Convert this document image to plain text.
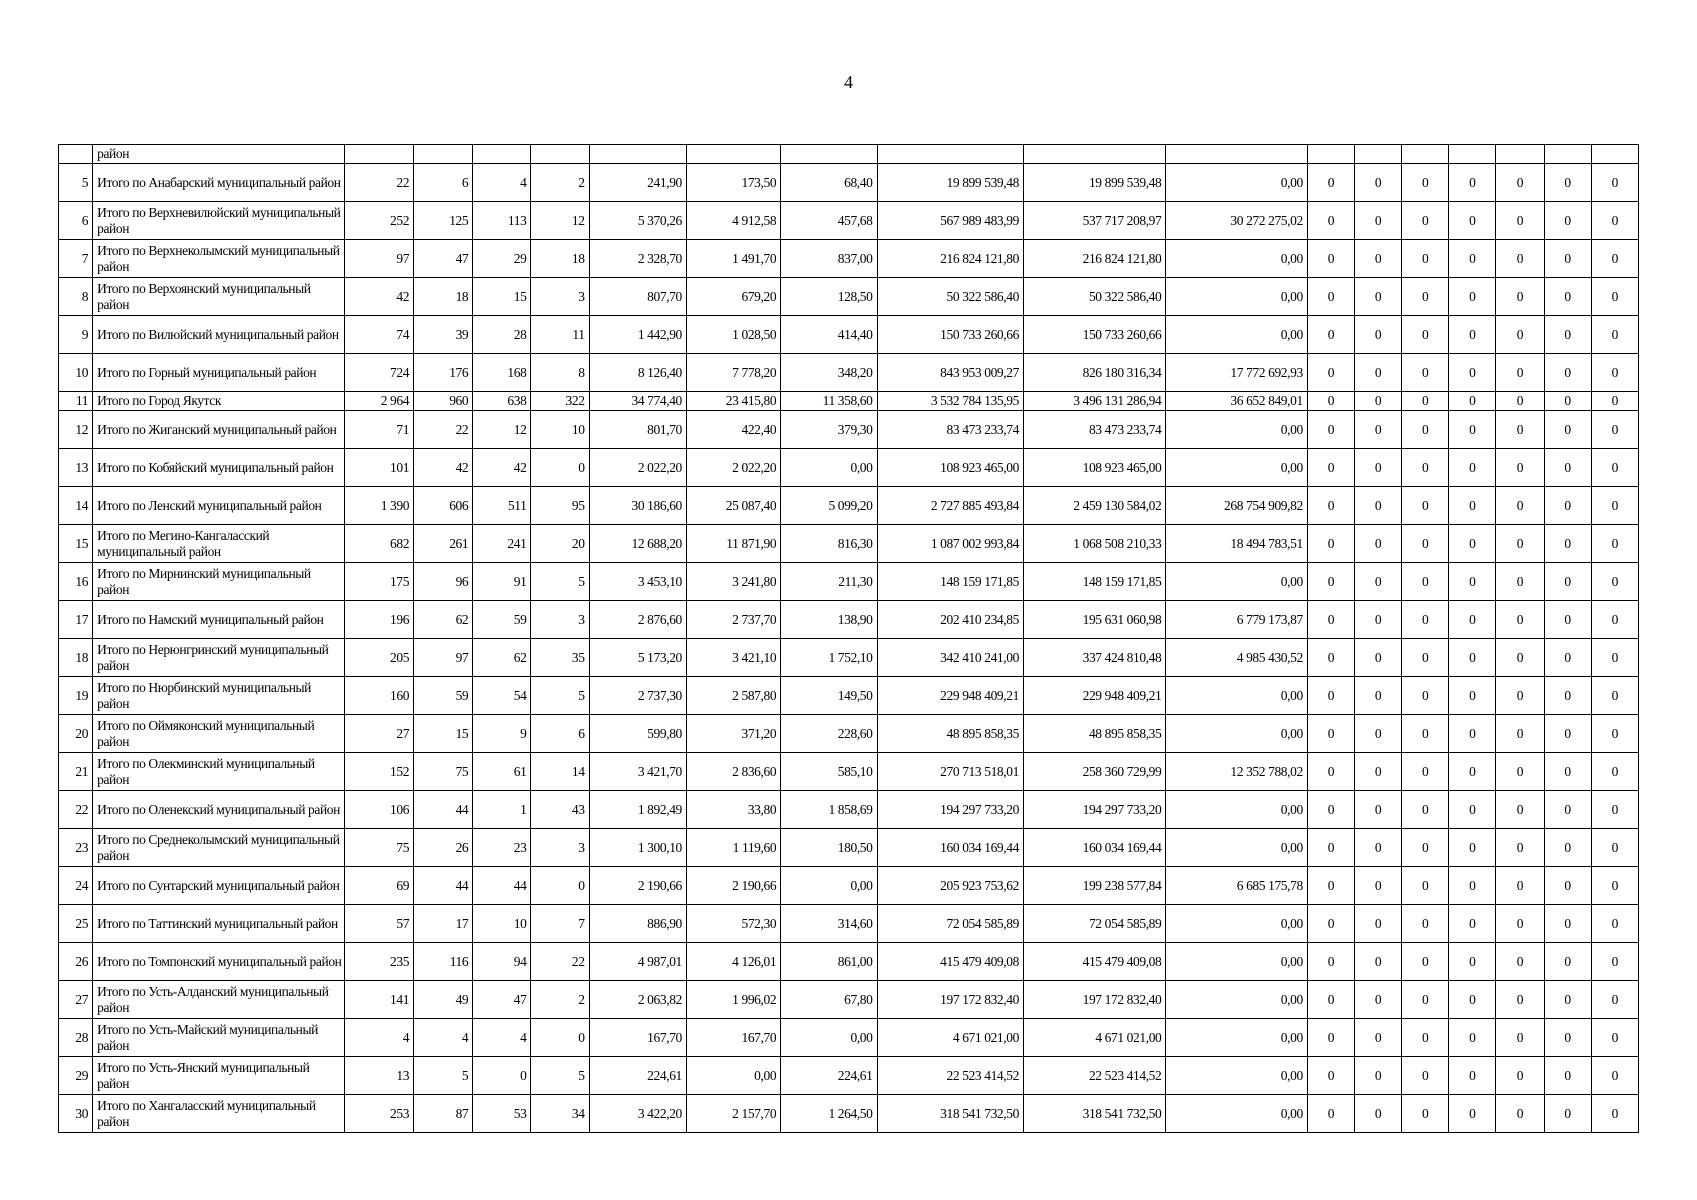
4
	район																	
5	Итого по Анабарский муниципальный район	22	6	4	2	241,90	173,50	68,40	19 899 539,48	19 899 539,48	0,00	0	0	0	0	0	0	0
6	Итого по Верхневилюйский муниципальный район	252	125	113	12	5 370,26	4 912,58	457,68	567 989 483,99	537 717 208,97	30 272 275,02	0	0	0	0	0	0	0
7	Итого по Верхнеколымский муниципальный район	97	47	29	18	2 328,70	1 491,70	837,00	216 824 121,80	216 824 121,80	0,00	0	0	0	0	0	0	0
8	Итого по Верхоянский муниципальный район	42	18	15	3	807,70	679,20	128,50	50 322 586,40	50 322 586,40	0,00	0	0	0	0	0	0	0
9	Итого по Вилюйский муниципальный район	74	39	28	11	1 442,90	1 028,50	414,40	150 733 260,66	150 733 260,66	0,00	0	0	0	0	0	0	0
10	Итого по Горный муниципальный район	724	176	168	8	8 126,40	7 778,20	348,20	843 953 009,27	826 180 316,34	17 772 692,93	0	0	0	0	0	0	0
11	Итого по Город Якутск	2 964	960	638	322	34 774,40	23 415,80	11 358,60	3 532 784 135,95	3 496 131 286,94	36 652 849,01	0	0	0	0	0	0	0
12	Итого по Жиганский муниципальный район	71	22	12	10	801,70	422,40	379,30	83 473 233,74	83 473 233,74	0,00	0	0	0	0	0	0	0
13	Итого по Кобяйский муниципальный район	101	42	42	0	2 022,20	2 022,20	0,00	108 923 465,00	108 923 465,00	0,00	0	0	0	0	0	0	0
14	Итого по Ленский муниципальный район	1 390	606	511	95	30 186,60	25 087,40	5 099,20	2 727 885 493,84	2 459 130 584,02	268 754 909,82	0	0	0	0	0	0	0
15	Итого по Мегино-Кангаласский муниципальный район	682	261	241	20	12 688,20	11 871,90	816,30	1 087 002 993,84	1 068 508 210,33	18 494 783,51	0	0	0	0	0	0	0
16	Итого по Мирнинский муниципальный район	175	96	91	5	3 453,10	3 241,80	211,30	148 159 171,85	148 159 171,85	0,00	0	0	0	0	0	0	0
17	Итого по Намский муниципальный район	196	62	59	3	2 876,60	2 737,70	138,90	202 410 234,85	195 631 060,98	6 779 173,87	0	0	0	0	0	0	0
18	Итого по Нерюнгринский муниципальный район	205	97	62	35	5 173,20	3 421,10	1 752,10	342 410 241,00	337 424 810,48	4 985 430,52	0	0	0	0	0	0	0
19	Итого по Нюрбинский муниципальный район	160	59	54	5	2 737,30	2 587,80	149,50	229 948 409,21	229 948 409,21	0,00	0	0	0	0	0	0	0
20	Итого по Оймяконский муниципальный район	27	15	9	6	599,80	371,20	228,60	48 895 858,35	48 895 858,35	0,00	0	0	0	0	0	0	0
21	Итого по Олекминский муниципальный район	152	75	61	14	3 421,70	2 836,60	585,10	270 713 518,01	258 360 729,99	12 352 788,02	0	0	0	0	0	0	0
22	Итого по Оленекский муниципальный район	106	44	1	43	1 892,49	33,80	1 858,69	194 297 733,20	194 297 733,20	0,00	0	0	0	0	0	0	0
23	Итого по Среднеколымский муниципальный район	75	26	23	3	1 300,10	1 119,60	180,50	160 034 169,44	160 034 169,44	0,00	0	0	0	0	0	0	0
24	Итого по Сунтарский муниципальный район	69	44	44	0	2 190,66	2 190,66	0,00	205 923 753,62	199 238 577,84	6 685 175,78	0	0	0	0	0	0	0
25	Итого по Таттинский муниципальный район	57	17	10	7	886,90	572,30	314,60	72 054 585,89	72 054 585,89	0,00	0	0	0	0	0	0	0
26	Итого по Томпонский муниципальный район	235	116	94	22	4 987,01	4 126,01	861,00	415 479 409,08	415 479 409,08	0,00	0	0	0	0	0	0	0
27	Итого по Усть-Алданский муниципальный район	141	49	47	2	2 063,82	1 996,02	67,80	197 172 832,40	197 172 832,40	0,00	0	0	0	0	0	0	0
28	Итого по Усть-Майский муниципальный район	4	4	4	0	167,70	167,70	0,00	4 671 021,00	4 671 021,00	0,00	0	0	0	0	0	0	0
29	Итого по Усть-Янский муниципальный район	13	5	0	5	224,61	0,00	224,61	22 523 414,52	22 523 414,52	0,00	0	0	0	0	0	0	0
30	Итого по Хангаласский муниципальный район	253	87	53	34	3 422,20	2 157,70	1 264,50	318 541 732,50	318 541 732,50	0,00	0	0	0	0	0	0	0
